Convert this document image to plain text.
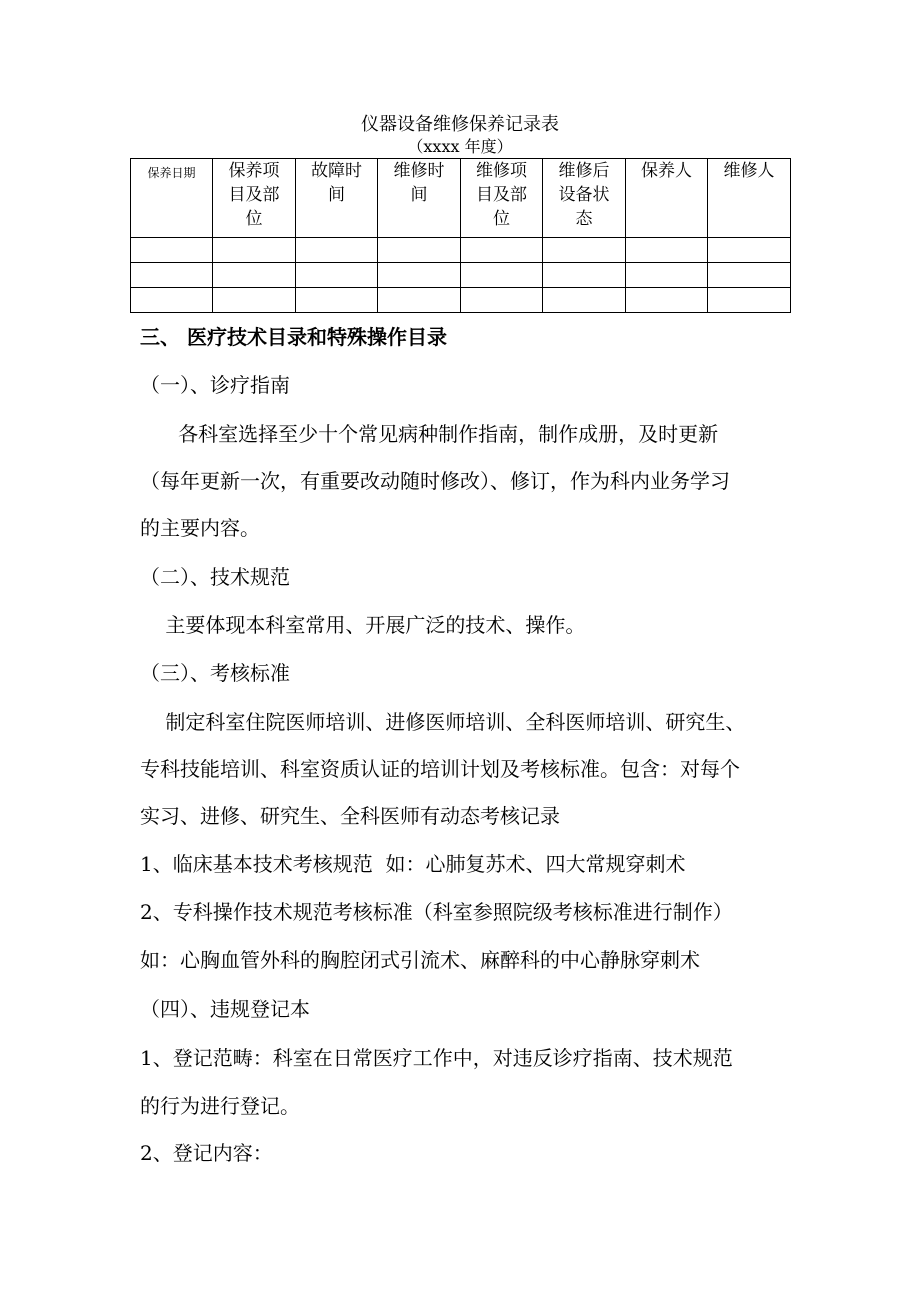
仪器设备维修保养记录表
（xxxx 年度）
保养日期	保养项目及部位	故障时间	维修时间	维修项目及部位	维修后设备状态	保养人	维修人

三、 医疗技术目录和特殊操作目录
（一）、诊疗指南
各科室选择至少十个常见病种制作指南，制作成册，及时更新
（每年更新一次，有重要改动随时修改）、修订，作为科内业务学习
的主要内容。
（二）、技术规范
主要体现本科室常用、开展广泛的技术、操作。
（三）、考核标准
制定科室住院医师培训、进修医师培训、全科医师培训、研究生、
专科技能培训、科室资质认证的培训计划及考核标准。包含：对每个
实习、进修、研究生、全科医师有动态考核记录
1、临床基本技术考核规范  如：心肺复苏术、四大常规穿刺术
2、专科操作技术规范考核标准（科室参照院级考核标准进行制作）
如：心胸血管外科的胸腔闭式引流术、麻醉科的中心静脉穿刺术
（四）、违规登记本
1、登记范畴：科室在日常医疗工作中，对违反诊疗指南、技术规范
的行为进行登记。
2、登记内容：
